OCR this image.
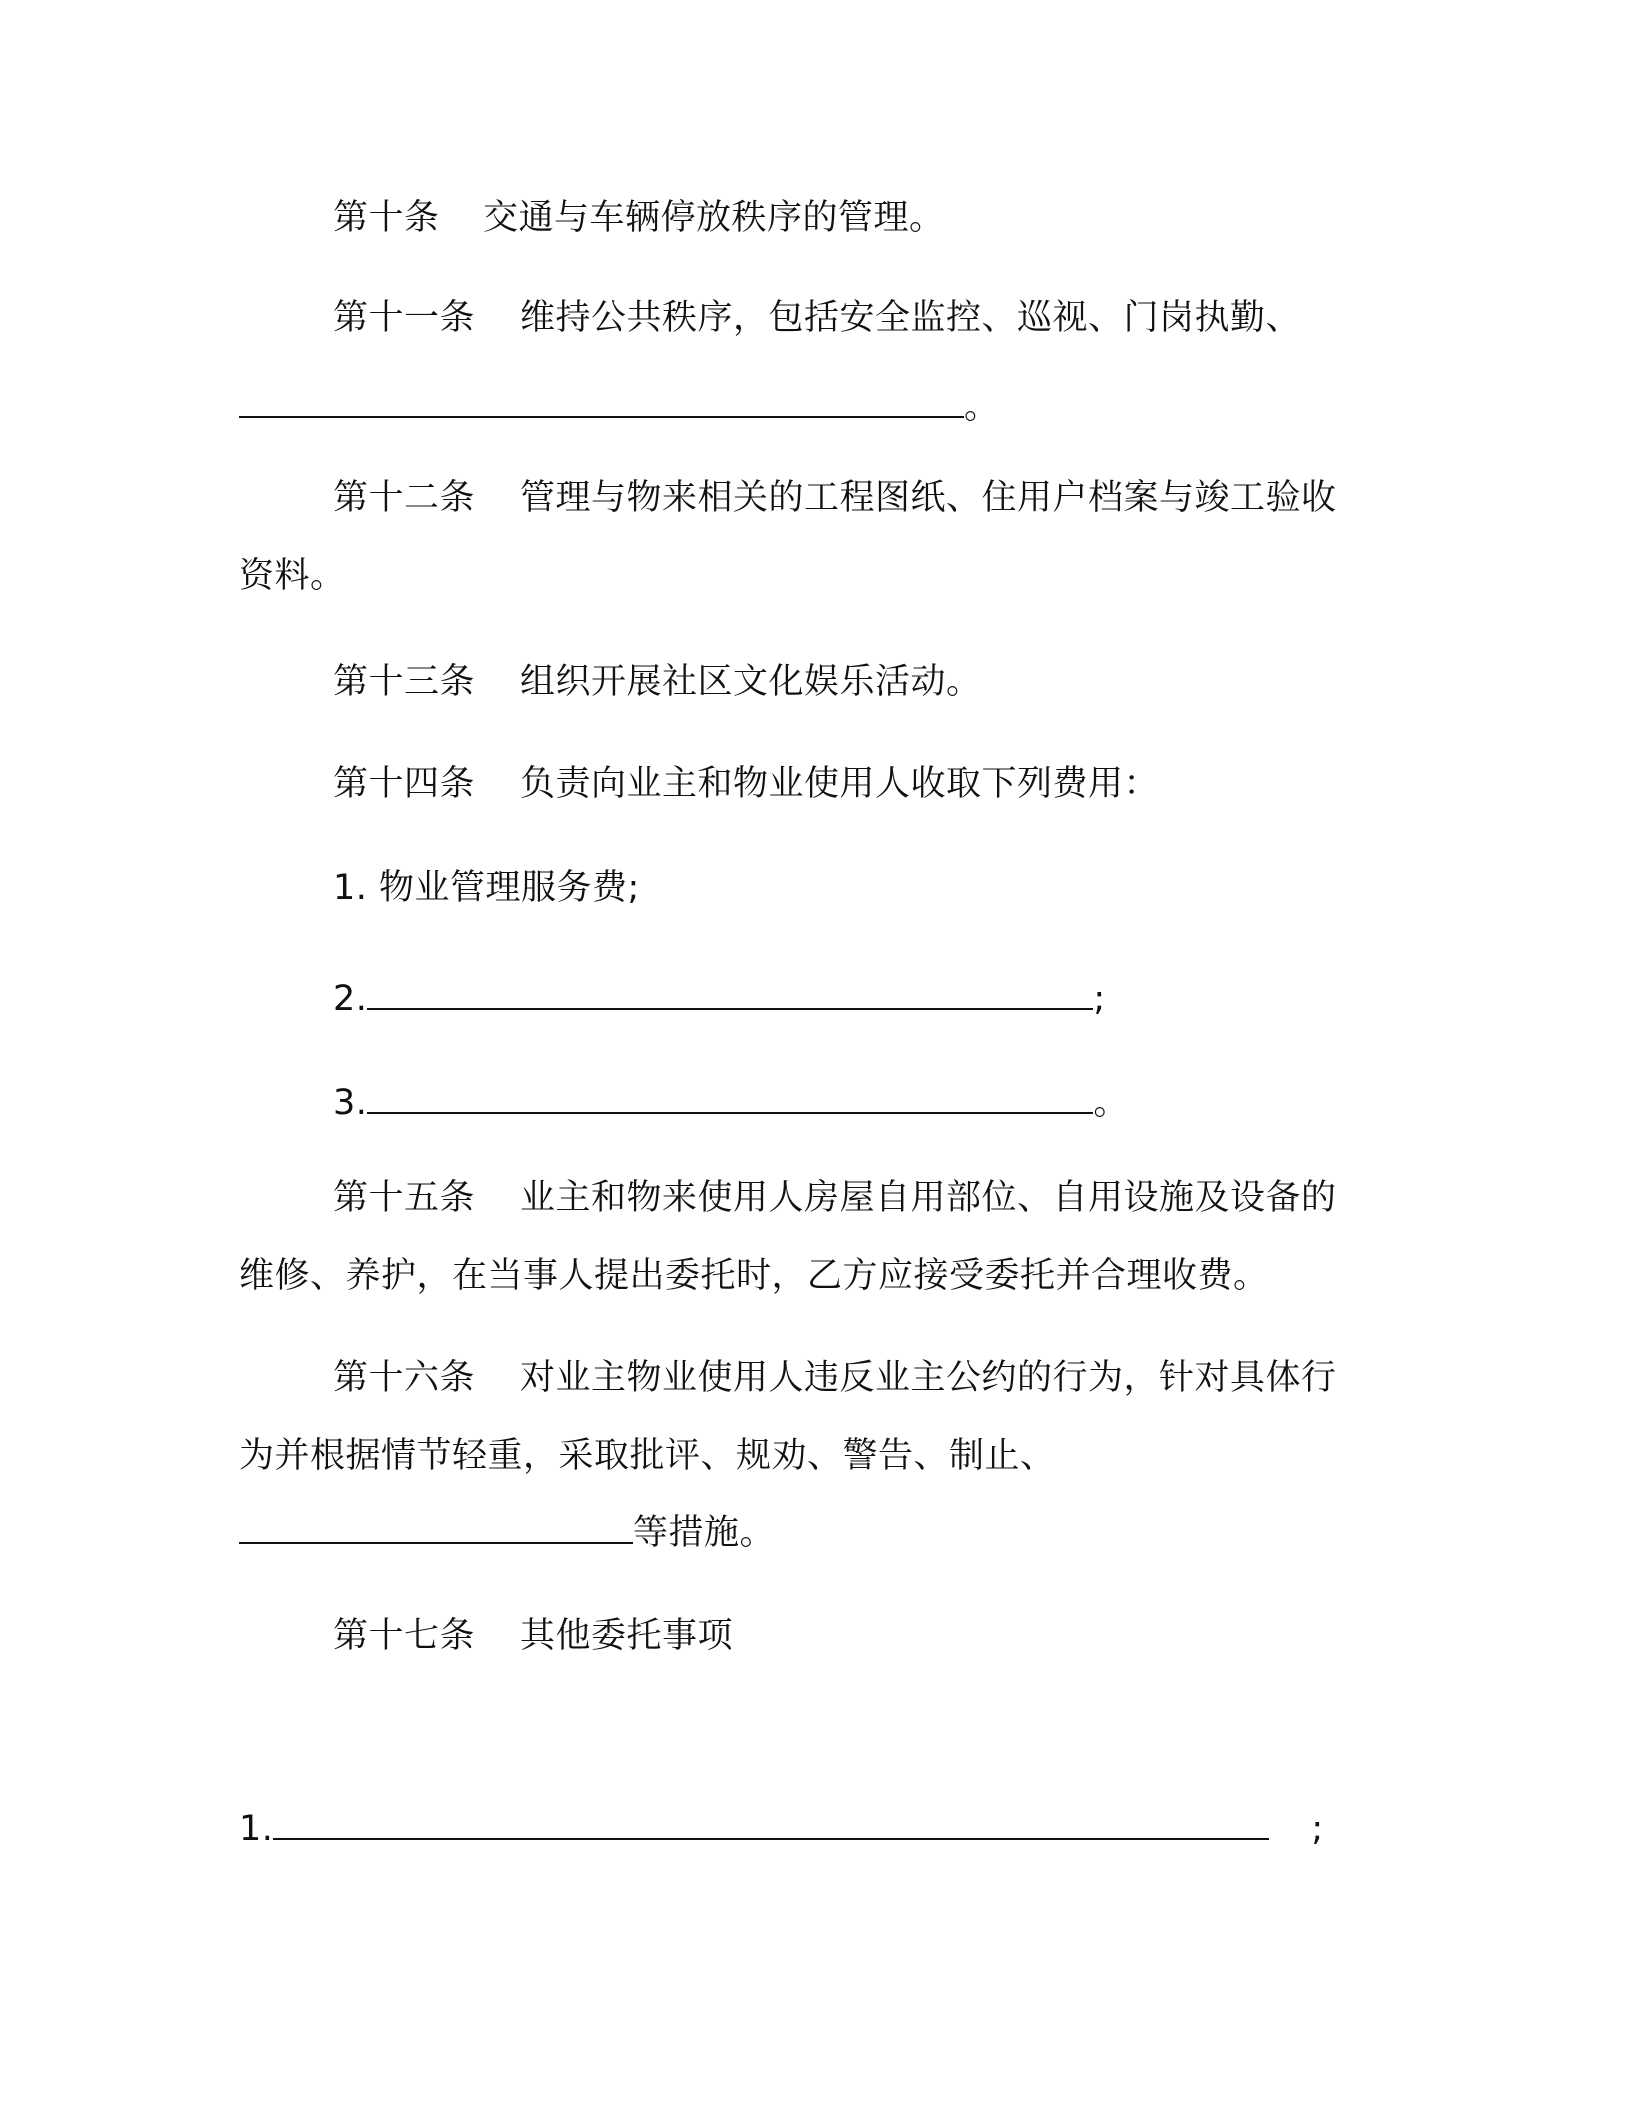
第十条 交通与车辆停放秩序的管理。
第十一条 维持公共秩序，包括安全监控、巡视、门岗执勤、
。
第十二条 管理与物来相关的工程图纸、住用户档案与竣工验收
资料。
第十三条 组织开展社区文化娱乐活动。
第十四条 负责向业主和物业使用人收取下列费用：
1. 物业管理服务费;
2.	;
3.	。
第十五条 业主和物来使用人房屋自用部位、自用设施及设备的
维修、养护，在当事人提出委托时，乙方应接受委托并合理收费。
第十六条 对业主物业使用人违反业主公约的行为，针对具体行
为并根据情节轻重，采取批评、规劝、警告、制止、
等措施。
第十七条 其他委托事项
1.	;
